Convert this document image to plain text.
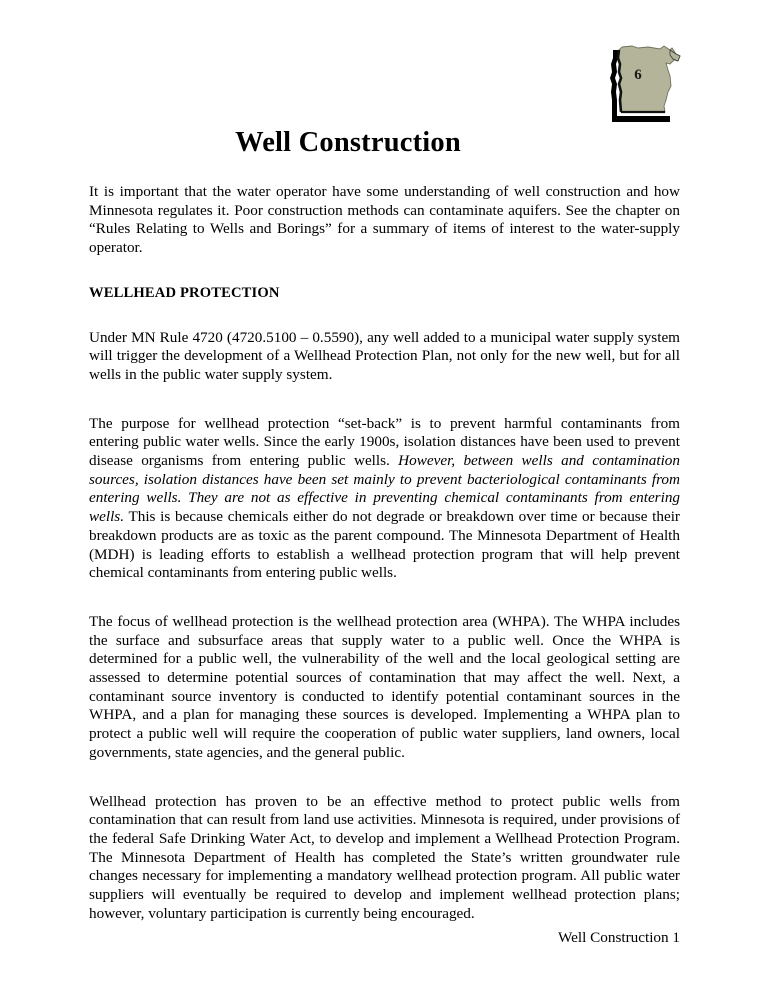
6
Well Construction

It is important that the water operator have some understanding of well construction and how Minnesota regulates it. Poor construction methods can contaminate aquifers. See the chapter on “Rules Relating to Wells and Borings” for a summary of items of interest to the water-supply operator.

WELLHEAD PROTECTION

Under MN Rule 4720 (4720.5100 – 0.5590), any well added to a municipal water supply system will trigger the development of a Wellhead Protection Plan, not only for the new well, but for all wells in the public water supply system.

The purpose for wellhead protection “set-back” is to prevent harmful contaminants from entering public water wells. Since the early 1900s, isolation distances have been used to prevent disease organisms from entering public wells. However, between wells and contamination sources, isolation distances have been set mainly to prevent bacteriological contaminants from entering wells. They are not as effective in preventing chemical contaminants from entering wells. This is because chemicals either do not degrade or breakdown over time or because their breakdown products are as toxic as the parent compound. The Minnesota Department of Health (MDH) is leading efforts to establish a wellhead protection program that will help prevent chemical contaminants from entering public wells.

The focus of wellhead protection is the wellhead protection area (WHPA). The WHPA includes the surface and subsurface areas that supply water to a public well. Once the WHPA is determined for a public well, the vulnerability of the well and the local geological setting are assessed to determine potential sources of contamination that may affect the well. Next, a contaminant source inventory is conducted to identify potential contaminant sources in the WHPA, and a plan for managing these sources is developed. Implementing a WHPA plan to protect a public well will require the cooperation of public water suppliers, land owners, local governments, state agencies, and the general public.

Wellhead protection has proven to be an effective method to protect public wells from contamination that can result from land use activities. Minnesota is required, under provisions of the federal Safe Drinking Water Act, to develop and implement a Wellhead Protection Program. The Minnesota Department of Health has completed the State’s written groundwater rule changes necessary for implementing a mandatory wellhead protection program. All public water suppliers will eventually be required to develop and implement wellhead protection plans; however, voluntary participation is currently being encouraged.

Well Construction 1
